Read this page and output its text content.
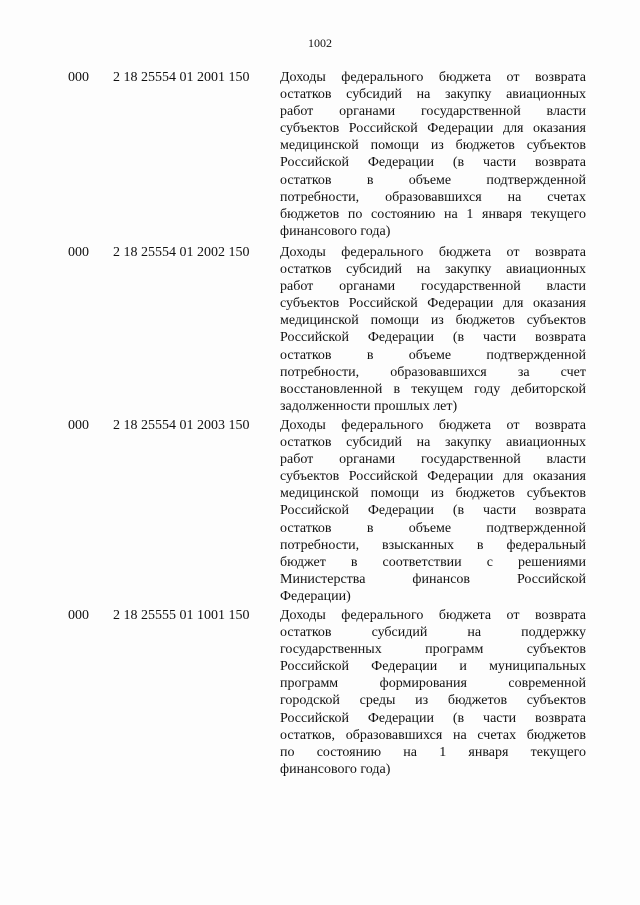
1002
000 2 18 25554 01 2001 150 Доходы федерального бюджета от возврата
остатков субсидий на закупку авиационных
работ органами государственной власти
субъектов Российской Федерации для оказания
медицинской помощи из бюджетов субъектов
Российской Федерации (в части возврата
остатков в объеме подтвержденной
потребности, образовавшихся на счетах
бюджетов по состоянию на 1 января текущего
финансового года)
000 2 18 25554 01 2002 150 Доходы федерального бюджета от возврата
остатков субсидий на закупку авиационных
работ органами государственной власти
субъектов Российской Федерации для оказания
медицинской помощи из бюджетов субъектов
Российской Федерации (в части возврата
остатков в объеме подтвержденной
потребности, образовавшихся за счет
восстановленной в текущем году дебиторской
задолженности прошлых лет)
000 2 18 25554 01 2003 150 Доходы федерального бюджета от возврата
остатков субсидий на закупку авиационных
работ органами государственной власти
субъектов Российской Федерации для оказания
медицинской помощи из бюджетов субъектов
Российской Федерации (в части возврата
остатков в объеме подтвержденной
потребности, взысканных в федеральный
бюджет в соответствии с решениями
Министерства финансов Российской
Федерации)
000 2 18 25555 01 1001 150 Доходы федерального бюджета от возврата
остатков субсидий на поддержку
государственных программ субъектов
Российской Федерации и муниципальных
программ формирования современной
городской среды из бюджетов субъектов
Российской Федерации (в части возврата
остатков, образовавшихся на счетах бюджетов
по состоянию на 1 января текущего
финансового года)
